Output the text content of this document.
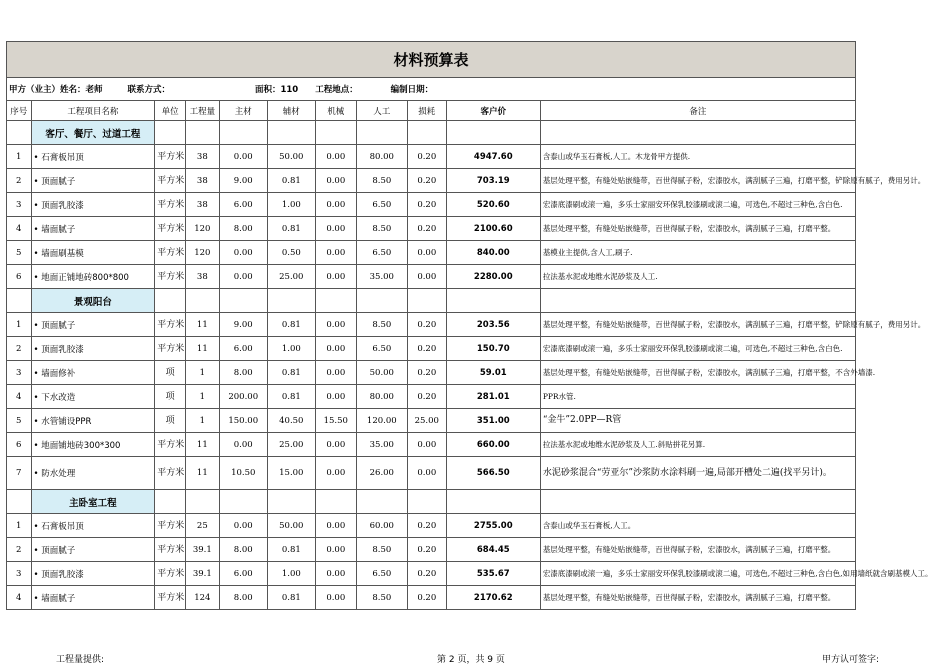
材料预算表										
甲方（业主）姓名：老师 联系方式： 面积：110 工程地点： 编制日期：										
序号	工程项目名称	单位	工程量	主材	辅材	机械	人工	损耗	客户价	备注
	客厅、餐厅、过道工程									
1	• 石膏板吊顶	平方米	38	0.00	50.00	0.00	80.00	0.20	4947.60	含泰山或华玉石膏板,人工。木龙骨甲方提供.
2	• 顶面腻子	平方米	38	9.00	0.81	0.00	8.50	0.20	703.19	基层处理平整，有缝处贴嵌缝带，百世得腻子粉，宏漆胶水，满刮腻子三遍，打磨平整，铲除原有腻子，费用另计。
3	• 顶面乳胶漆	平方米	38	6.00	1.00	0.00	6.50	0.20	520.60	宏漆底漆刷或滚一遍，多乐士家丽安环保乳胶漆刷或滚二遍，可选色,不超过三种色,含白色.
4	• 墙面腻子	平方米	120	8.00	0.81	0.00	8.50	0.20	2100.60	基层处理平整，有缝处贴嵌缝带，百世得腻子粉，宏漆胶水，满刮腻子三遍，打磨平整。
5	• 墙面刷基模	平方米	120	0.00	0.50	0.00	6.50	0.00	840.00	基模业主提供,含人工,刷子.
6	• 地面正铺地砖800*800	平方米	38	0.00	25.00	0.00	35.00	0.00	2280.00	拉法基水泥或地维水泥砂浆及人工.
	景观阳台									
1	• 顶面腻子	平方米	11	9.00	0.81	0.00	8.50	0.20	203.56	基层处理平整，有缝处贴嵌缝带，百世得腻子粉，宏漆胶水，满刮腻子三遍，打磨平整，铲除原有腻子，费用另计。
2	• 顶面乳胶漆	平方米	11	6.00	1.00	0.00	6.50	0.20	150.70	宏漆底漆刷或滚一遍，多乐士家丽安环保乳胶漆刷或滚二遍，可选色,不超过三种色,含白色.
3	• 墙面修补	项	1	8.00	0.81	0.00	50.00	0.20	59.01	基层处理平整，有缝处贴嵌缝带，百世得腻子粉，宏漆胶水，满刮腻子三遍，打磨平整，不含外墙漆.
4	• 下水改造	项	1	200.00	0.81	0.00	80.00	0.20	281.01	PPR水管.
5	• 水管铺设PPR	项	1	150.00	40.50	15.50	120.00	25.00	351.00	“金牛”2.0PP—R管
6	• 地面铺地砖300*300	平方米	11	0.00	25.00	0.00	35.00	0.00	660.00	拉法基水泥或地维水泥砂浆及人工.斜贴拼花另算.
7	• 防水处理	平方米	11	10.50	15.00	0.00	26.00	0.00	566.50	水泥砂浆混合“劳亚尔”沙浆防水涂料刷一遍,局部开槽处二遍(找平另计)。
	主卧室工程									
1	• 石膏板吊顶	平方米	25	0.00	50.00	0.00	60.00	0.20	2755.00	含泰山或华玉石膏板,人工。
2	• 顶面腻子	平方米	39.1	8.00	0.81	0.00	8.50	0.20	684.45	基层处理平整，有缝处贴嵌缝带，百世得腻子粉，宏漆胶水，满刮腻子三遍，打磨平整。
3	• 顶面乳胶漆	平方米	39.1	6.00	1.00	0.00	6.50	0.20	535.67	宏漆底漆刷或滚一遍，多乐士家丽安环保乳胶漆刷或滚二遍，可选色,不超过三种色,含白色,如用墙纸就含刷基模人工。
4	• 墙面腻子	平方米	124	8.00	0.81	0.00	8.50	0.20	2170.62	基层处理平整，有缝处贴嵌缝带，百世得腻子粉，宏漆胶水，满刮腻子三遍，打磨平整。
工程量提供:	第 2 页，共 9 页	甲方认可签字:
